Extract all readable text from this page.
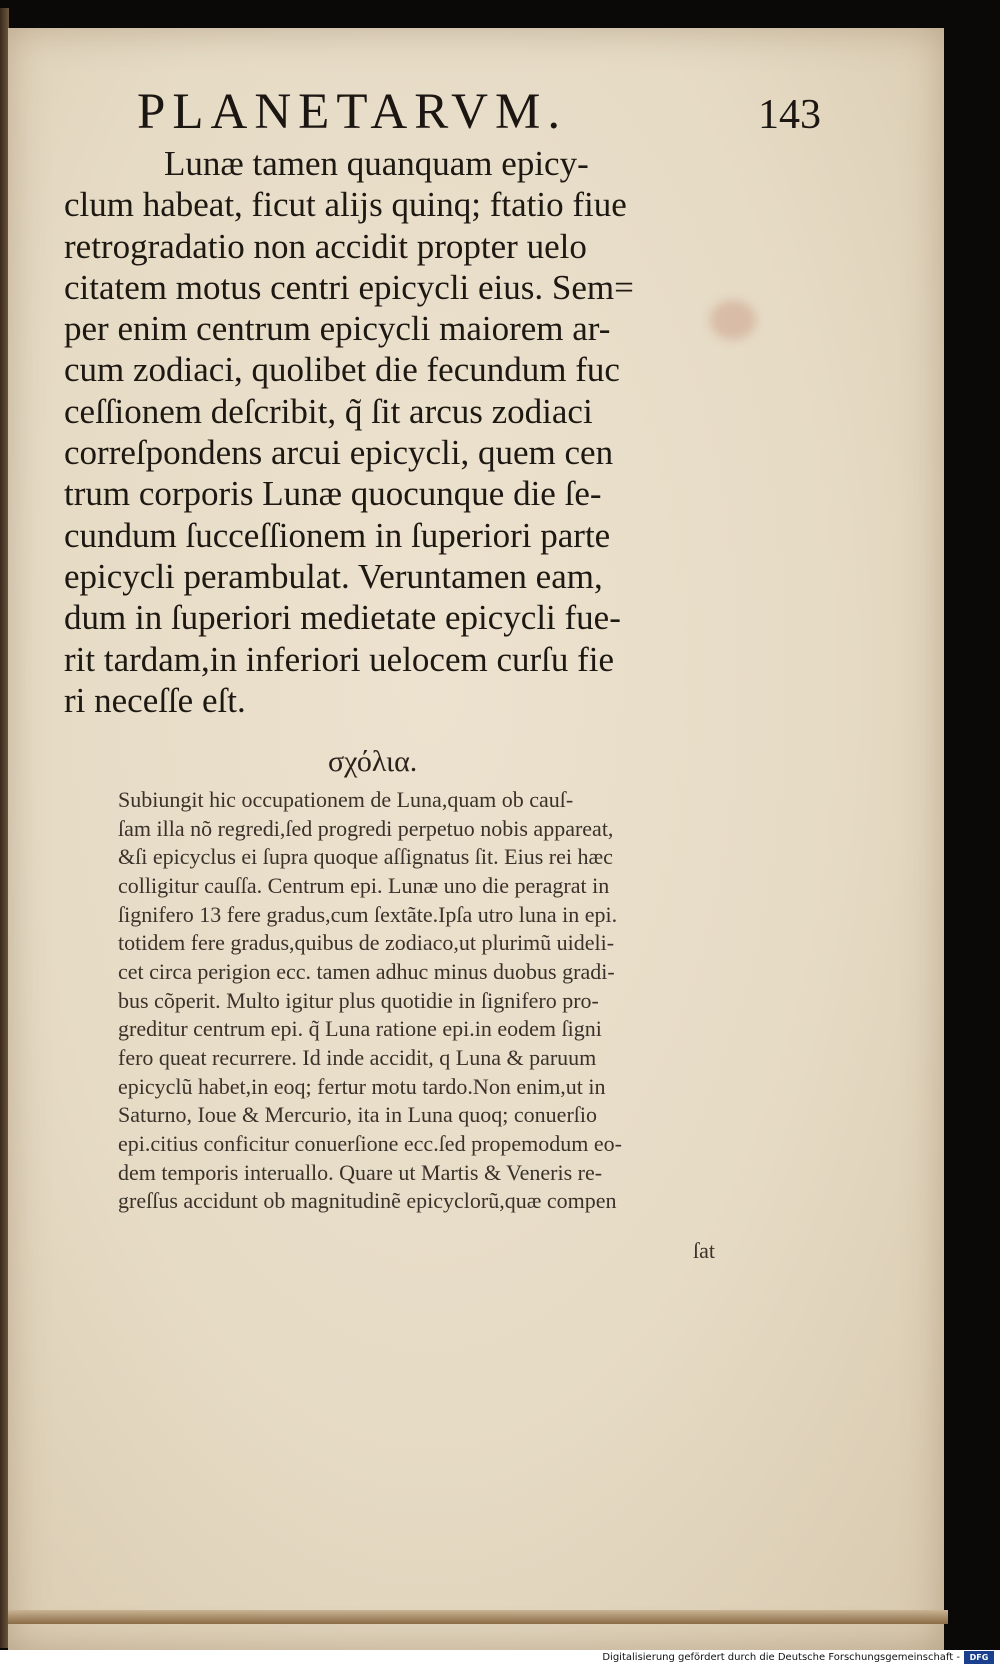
PLANETARVM.	143
Lunæ tamen quanquam epicy-
clum habeat, ficut alijs quinq; ftatio fiue
retrogradatio non accidit propter uelo
citatem motus centri epicycli eius. Sem=
per enim centrum epicycli maiorem ar-
cum zodiaci, quolibet die fecundum fuc
ceſſionem deſcribit, q̃ ſit arcus zodiaci
correſpondens arcui epicycli, quem cen
trum corporis Lunæ quocunque die ſe-
cundum ſucceſſionem in ſuperiori parte
epicycli perambulat. Veruntamen eam,
dum in ſuperiori medietate epicycli fue-
rit tardam,in inferiori uelocem curſu fie
ri neceſſe eſt.
σχόλια.
Subiungit hic occupationem de Luna,quam ob cauſ-
ſam illa nõ regredi,ſed progredi perpetuo nobis appareat,
&ſi epicyclus ei ſupra quoque aſſignatus ſit. Eius rei hæc
colligitur cauſſa. Centrum epi. Lunæ uno die peragrat in
ſignifero 13 fere gradus,cum ſextãte.Ipſa utro luna in epi.
totidem fere gradus,quibus de zodiaco,ut plurimũ uideli-
cet circa perigion ecc. tamen adhuc minus duobus gradi-
bus cõperit. Multo igitur plus quotidie in ſignifero pro-
greditur centrum epi. q̃ Luna ratione epi.in eodem ſigni
fero queat recurrere. Id inde accidit, q Luna & paruum
epicyclũ habet,in eoq; fertur motu tardo.Non enim,ut in
Saturno, Ioue & Mercurio, ita in Luna quoq; conuerſio
epi.citius conficitur conuerſione ecc.ſed propemodum eo-
dem temporis interuallo. Quare ut Martis & Veneris re-
greſſus accidunt ob magnitudinẽ epicyclorũ,quæ compen
ſat
Digitalisierung gefördert durch die Deutsche Forschungsgemeinschaft -	DFG
